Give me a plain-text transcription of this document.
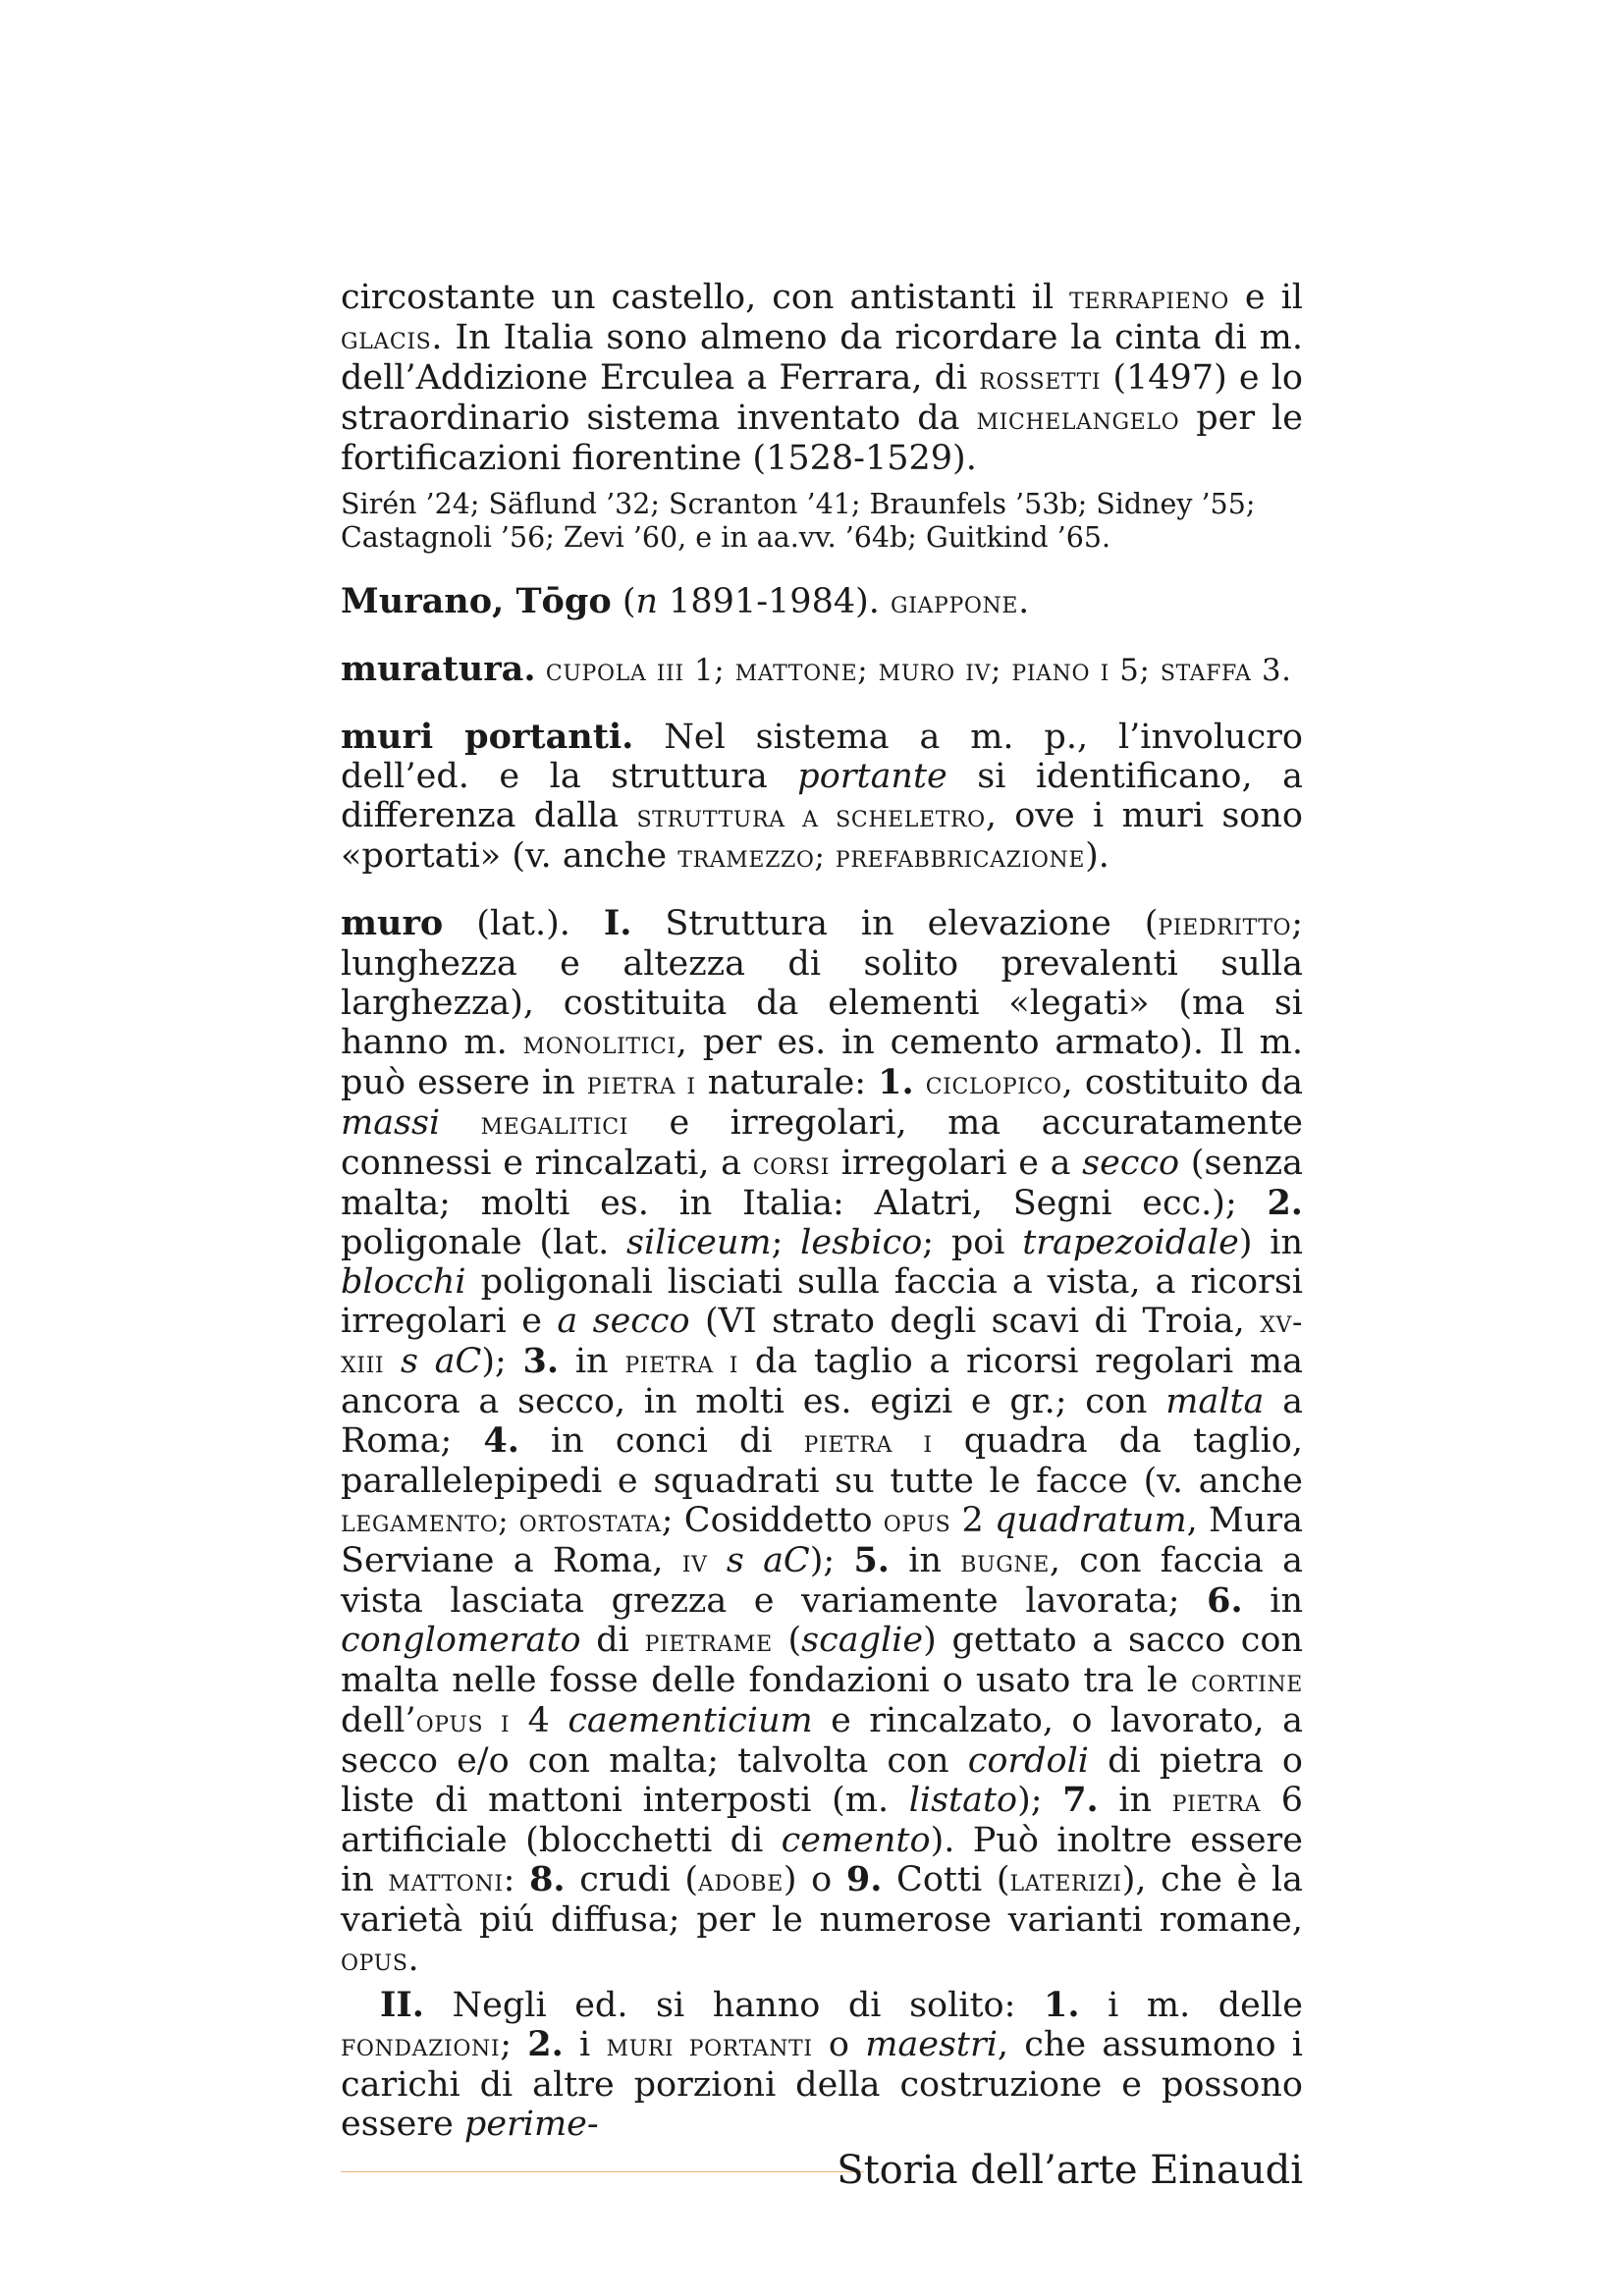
circostante un castello, con antistanti il terrapieno e il glacis. In Italia sono almeno da ricordare la cinta di m. dell’Addizione Erculea a Ferrara, di rossetti (1497) e lo straordinario sistema inventato da michelangelo per le fortificazioni fiorentine (1528-1529).

Sirén ’24; Säflund ’32; Scranton ’41; Braunfels ’53b; Sidney ’55; Castagnoli ’56; Zevi ’60, e in aa.vv. ’64b; Guitkind ’65.

Murano, Tōgo (n 1891-1984). giappone.

muratura. cupola iii 1; mattone; muro iv; piano i 5; staffa 3.

muri portanti. Nel sistema a m. p., l’involucro dell’ed. e la struttura portante si identificano, a differenza dalla struttura a scheletro, ove i muri sono «portati» (v. anche tramezzo; prefabbricazione).

muro (lat.). I. Struttura in elevazione (piedritto; lunghezza e altezza di solito prevalenti sulla larghezza), costituita da elementi «legati» (ma si hanno m. monolitici, per es. in cemento armato). Il m. può essere in pietra i naturale: 1. ciclopico, costituito da massi megalitici e irregolari, ma accuratamente connessi e rincalzati, a corsi irregolari e a secco (senza malta; molti es. in Italia: Alatri, Segni ecc.); 2. poligonale (lat. siliceum; lesbico; poi trapezoidale) in blocchi poligonali lisciati sulla faccia a vista, a ricorsi irregolari e a secco (VI strato degli scavi di Troia, xv-xiii s aC); 3. in pietra i da taglio a ricorsi regolari ma ancora a secco, in molti es. egizi e gr.; con malta a Roma; 4. in conci di pietra i quadra da taglio, parallelepipedi e squadrati su tutte le facce (v. anche legamento; ortostata; Cosiddetto opus 2 quadratum, Mura Serviane a Roma, iv s aC); 5. in bugne, con faccia a vista lasciata grezza e variamente lavorata; 6. in conglomerato di pietrame (scaglie) gettato a sacco con malta nelle fosse delle fondazioni o usato tra le cortine dell’opus i 4 caementicium e rincalzato, o lavorato, a secco e/o con malta; talvolta con cordoli di pietra o liste di mattoni interposti (m. listato); 7. in pietra 6 artificiale (blocchetti di cemento). Può inoltre essere in mattoni: 8. crudi (adobe) o 9. Cotti (laterizi), che è la varietà piú diffusa; per le numerose varianti romane, opus.

II. Negli ed. si hanno di solito: 1. i m. delle fondazioni; 2. i muri portanti o maestri, che assumono i carichi di altre porzioni della costruzione e possono essere perime-

Storia dell’arte Einaudi
